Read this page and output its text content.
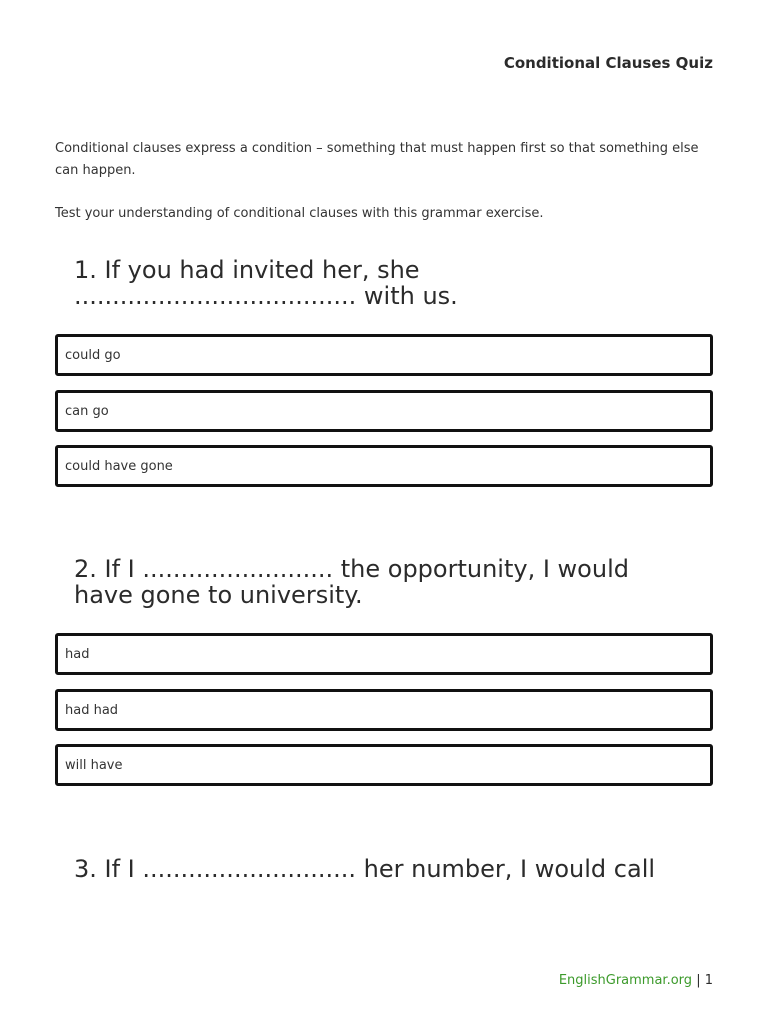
Conditional Clauses Quiz

Conditional clauses express a condition – something that must happen first so that something else can happen.

Test your understanding of conditional clauses with this grammar exercise.

1. If you had invited her, she ..................................... with us.
could go
can go
could have gone
2. If I ......................... the opportunity, I would have gone to university.
had
had had
will have
3. If I ............................ her number, I would call
EnglishGrammar.org | 1
